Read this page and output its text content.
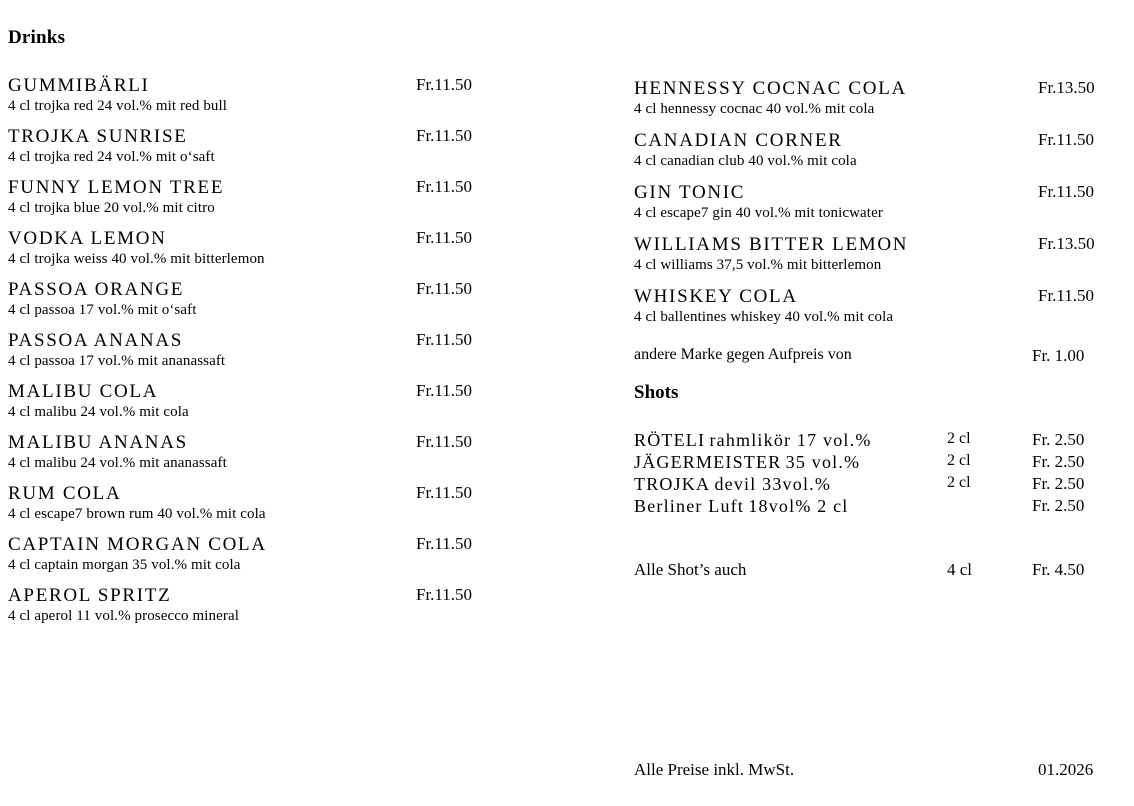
Drinks
GUMMIBÄRLI	Fr.11.50
4 cl trojka red 24 vol.% mit red bull
TROJKA SUNRISE	Fr.11.50
4 cl trojka red 24 vol.% mit o‘saft
FUNNY LEMON TREE	Fr.11.50
4 cl trojka blue 20 vol.% mit citro
VODKA LEMON	Fr.11.50
4 cl trojka weiss 40 vol.% mit bitterlemon
PASSOA ORANGE	Fr.11.50
4 cl passoa 17 vol.% mit o‘saft
PASSOA ANANAS	Fr.11.50
4 cl passoa 17 vol.% mit ananassaft
MALIBU COLA	Fr.11.50
4 cl malibu 24 vol.% mit cola
MALIBU ANANAS	Fr.11.50
4 cl malibu 24 vol.% mit ananassaft
RUM COLA	Fr.11.50
4 cl escape7 brown rum 40 vol.% mit cola
CAPTAIN MORGAN COLA	Fr.11.50
4 cl captain morgan 35 vol.% mit cola
APEROL SPRITZ	Fr.11.50
4 cl aperol 11 vol.% prosecco mineral
HENNESSY COCNAC COLA	Fr.13.50
4 cl hennessy cocnac 40 vol.% mit cola
CANADIAN CORNER	Fr.11.50
4 cl canadian club 40 vol.% mit cola
GIN TONIC	Fr.11.50
4 cl escape7 gin 40 vol.% mit tonicwater
WILLIAMS BITTER LEMON	Fr.13.50
4 cl williams 37,5 vol.% mit bitterlemon
WHISKEY COLA	Fr.11.50
4 cl ballentines whiskey 40 vol.% mit cola
andere Marke gegen Aufpreis von	Fr. 1.00
Shots
RÖTELI rahmlikör 17 vol.%	2 cl	Fr. 2.50
JÄGERMEISTER 35 vol.%	2 cl	Fr. 2.50
TROJKA devil 33vol.%	2 cl	Fr. 2.50
Berliner Luft 18vol% 2 cl	Fr. 2.50
Alle Shot’s auch	4 cl	Fr. 4.50
Alle Preise inkl. MwSt.	01.2026
